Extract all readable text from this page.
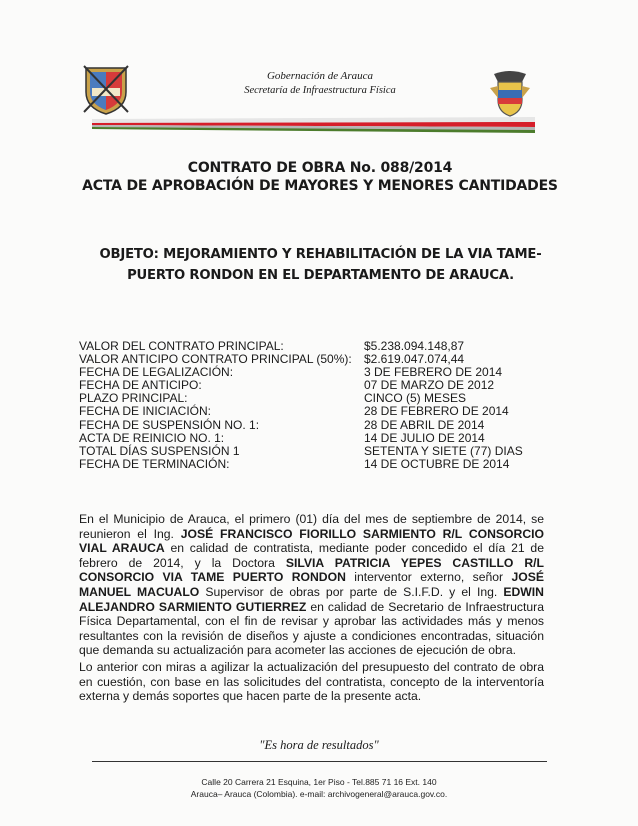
Gobernación de Arauca
Secretaría de Infraestructura Física
CONTRATO DE OBRA No. 088/2014
ACTA DE APROBACIÓN DE MAYORES Y MENORES CANTIDADES
OBJETO: MEJORAMIENTO Y REHABILITACIÓN DE LA VIA TAME-
PUERTO RONDON EN EL DEPARTAMENTO DE ARAUCA.
VALOR DEL CONTRATO PRINCIPAL:	$5.238.094.148,87
VALOR ANTICIPO CONTRATO PRINCIPAL (50%): $2.619.047.074,44
FECHA DE LEGALIZACIÓN:	3 DE FEBRERO DE 2014
FECHA DE ANTICIPO:	07 DE MARZO DE 2012
PLAZO PRINCIPAL:	CINCO (5) MESES
FECHA DE INICIACIÓN:	28 DE FEBRERO DE 2014
FECHA DE SUSPENSIÓN NO. 1:	28 DE ABRIL DE 2014
ACTA DE REINICIO NO. 1:	14 DE JULIO DE 2014
TOTAL DÍAS SUSPENSIÓN 1	SETENTA Y SIETE (77) DIAS
FECHA DE TERMINACIÓN:	14 DE OCTUBRE DE 2014
En el Municipio de Arauca, el primero (01) día del mes de septiembre de 2014, se reunieron el Ing. JOSÉ FRANCISCO FIORILLO SARMIENTO R/L CONSORCIO VIAL ARAUCA en calidad de contratista, mediante poder concedido el día 21 de febrero de 2014, y la Doctora SILVIA PATRICIA YEPES CASTILLO R/L CONSORCIO VIA TAME PUERTO RONDON interventor externo, señor JOSÉ MANUEL MACUALO Supervisor de obras por parte de S.I.F.D. y el Ing. EDWIN ALEJANDRO SARMIENTO GUTIERREZ en calidad de Secretario de Infraestructura Física Departamental, con el fin de revisar y aprobar las actividades más y menos resultantes con la revisión de diseños y ajuste a condiciones encontradas, situación que demanda su actualización para acometer las acciones de ejecución de obra.
Lo anterior con miras a agilizar la actualización del presupuesto del contrato de obra en cuestión, con base en las solicitudes del contratista, concepto de la interventoría externa y demás soportes que hacen parte de la presente acta.
"Es hora de resultados"
Calle 20 Carrera 21 Esquina, 1er Piso - Tel.885 71 16 Ext. 140
Arauca– Arauca (Colombia). e-mail: archivogeneral@arauca.gov.co.
